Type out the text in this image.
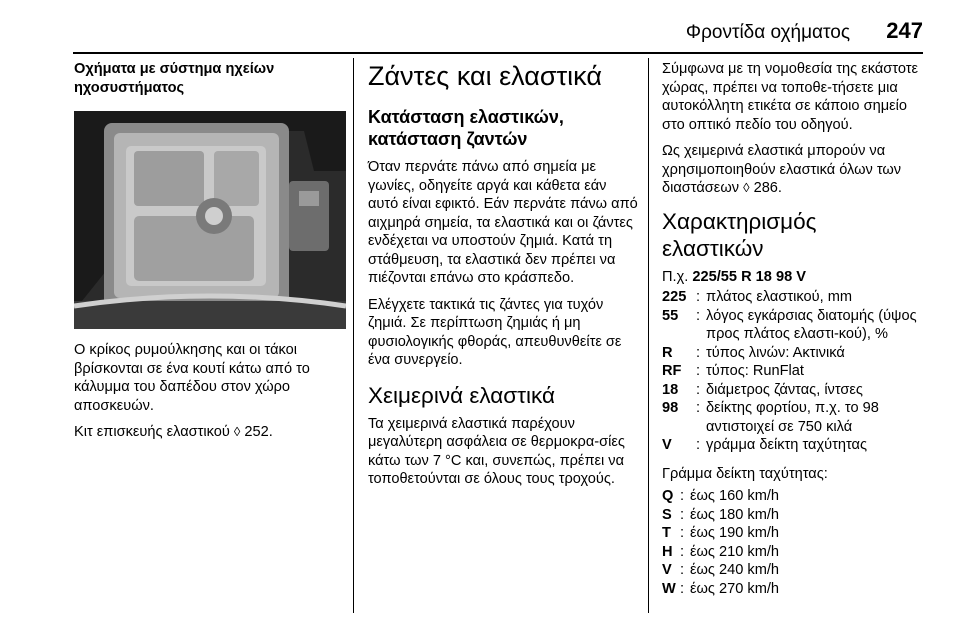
Φροντίδα οχήματος 247
Οχήματα με σύστημα ηχείων ηχοσυστήματος

Ο κρίκος ρυμούλκησης και οι τάκοι βρίσκονται σε ένα κουτί κάτω από το κάλυμμα του δαπέδου στον χώρο αποσκευών.

Κιτ επισκευής ελαστικού ◊ 252.

Ζάντες και ελαστικά
Κατάσταση ελαστικών, κατάσταση ζαντών

Όταν περνάτε πάνω από σημεία με γωνίες, οδηγείτε αργά και κάθετα εάν αυτό είναι εφικτό. Εάν περνάτε πάνω από αιχμηρά σημεία, τα ελαστικά και οι ζάντες ενδέχεται να υποστούν ζημιά. Κατά τη στάθμευση, τα ελαστικά δεν πρέπει να πιέζονται επάνω στο κράσπεδο.

Ελέγχετε τακτικά τις ζάντες για τυχόν ζημιά. Σε περίπτωση ζημιάς ή μη φυσιολογικής φθοράς, απευθυνθείτε σε ένα συνεργείο.

Χειμερινά ελαστικά

Τα χειμερινά ελαστικά παρέχουν μεγαλύτερη ασφάλεια σε θερμοκρα-σίες κάτω των 7 °C και, συνεπώς, πρέπει να τοποθετούνται σε όλους τους τροχούς.

Σύμφωνα με τη νομοθεσία της εκάστοτε χώρας, πρέπει να τοποθε-τήσετε μια αυτοκόλλητη ετικέτα σε κάποιο σημείο στο οπτικό πεδίο του οδηγού.

Ως χειμερινά ελαστικά μπορούν να χρησιμοποιηθούν ελαστικά όλων των διαστάσεων ◊ 286.

Χαρακτηρισμός ελαστικών

Π.χ. 225/55 R 18 98 V

225 : πλάτος ελαστικού, mm
55	: λόγος εγκάρσιας διατομής (ύψος προς πλάτος ελαστι-κού), %
R	: τύπος λινών: Ακτινικά
RF : τύπος: RunFlat
18	: διάμετρος ζάντας, ίντσες
98	: δείκτης φορτίου, π.χ. το 98 αντιστοιχεί σε 750 κιλά
V	: γράμμα δείκτη ταχύτητας

Γράμμα δείκτη ταχύτητας:

Q : έως 160 km/h
S : έως 180 km/h
T : έως 190 km/h
H : έως 210 km/h
V : έως 240 km/h
W : έως 270 km/h
